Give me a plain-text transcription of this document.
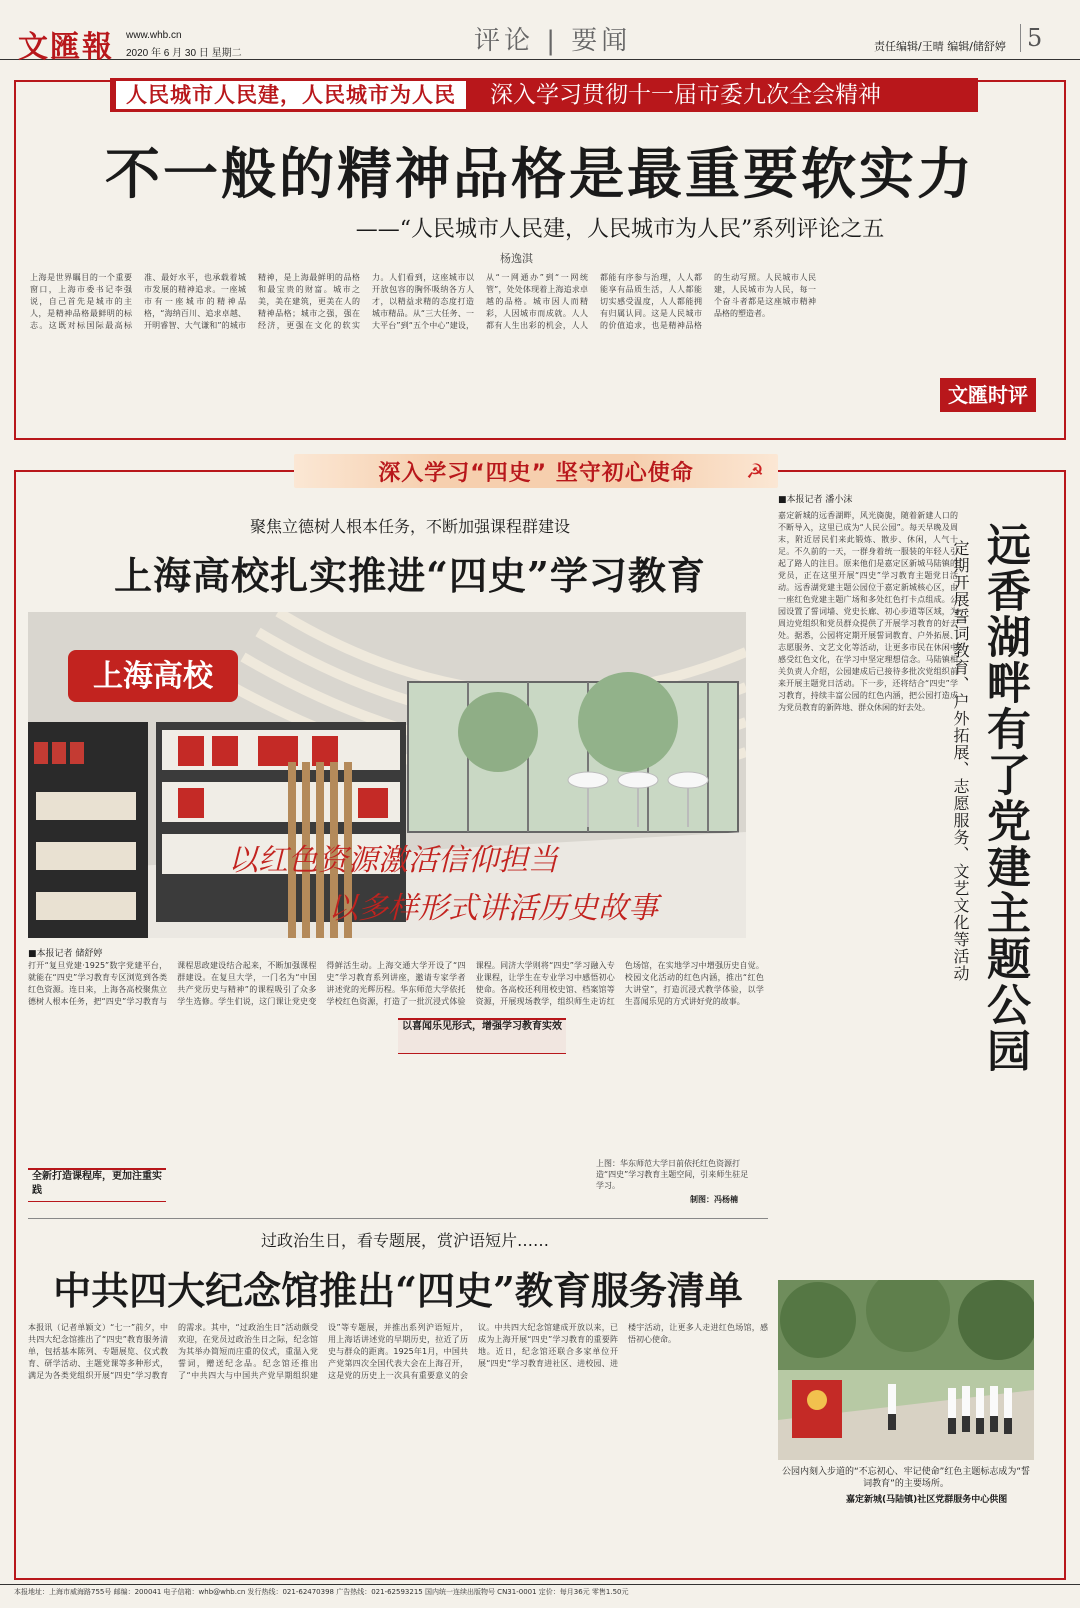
文匯報 www.whb.cn
2020 年 6 月 30 日 星期二	评论 | 要闻	责任编辑/王晴 编辑/储舒婷 5
人民城市人民建，人民城市为人民	深入学习贯彻十一届市委九次全会精神
不一般的精神品格是最重要软实力
——“人民城市人民建，人民城市为人民”系列评论之五
杨逸淇
上海是世界瞩目的一个重要窗口，上海市委书记李强说，自己首先是城市的主人，是精神品格最鲜明的标志。这既对标国际最高标准、最好水平，也承载着城市发展的精神追求。一座城市有一座城市的精神品格，“海纳百川、追求卓越、开明睿智、大气谦和”的城市精神，是上海最鲜明的品格和最宝贵的财富。城市之美，美在建筑，更美在人的精神品格；城市之强，强在经济，更强在文化的软实力。人们看到，这座城市以开放包容的胸怀吸纳各方人才，以精益求精的态度打造城市精品。从“三大任务、一大平台”到“五个中心”建设，从“一网通办”到“一网统管”，处处体现着上海追求卓越的品格。城市因人而精彩，人因城市而成就。人人都有人生出彩的机会，人人都能有序参与治理，人人都能享有品质生活，人人都能切实感受温度，人人都能拥有归属认同。这是人民城市的价值追求，也是精神品格的生动写照。人民城市人民建，人民城市为人民，每一个奋斗者都是这座城市精神品格的塑造者。
文匯时评
深入学习“四史” 坚守初心使命	☭
聚焦立德树人根本任务，不断加强课程群建设
上海高校扎实推进“四史”学习教育
上海高校
以红色资源激活信仰担当
以多样形式讲活历史故事
■本报记者 储舒婷
打开“复旦党建·1925”数字党建平台，就能在“四史”学习教育专区浏览到各类红色资源。连日来，上海各高校聚焦立德树人根本任务，把“四史”学习教育与课程思政建设结合起来，不断加强课程群建设。在复旦大学，一门名为“中国共产党历史与精神”的课程吸引了众多学生选修。学生们说，这门课让党史变得鲜活生动。上海交通大学开设了“四史”学习教育系列讲座，邀请专家学者讲述党的光辉历程。华东师范大学依托学校红色资源，打造了一批沉浸式体验课程。同济大学则将“四史”学习融入专业课程，让学生在专业学习中感悟初心使命。各高校还利用校史馆、档案馆等资源，开展现场教学，组织师生走访红色场馆，在实地学习中增强历史自觉。校园文化活动的红色内涵，推出“红色大讲堂”，打造沉浸式教学体验，以学生喜闻乐见的方式讲好党的故事。
以喜闻乐见形式，增强学习教育实效
全新打造课程库，更加注重实践
上图：华东师范大学日前依托红色资源打造“四史”学习教育主题空间，引来师生驻足学习。
制图：冯杨楠
■本报记者 潘小沫
嘉定新城的远香湖畔，风光旖旎，随着新建人口的不断导入，这里已成为“人民公园”。每天早晚及周末，附近居民们来此锻炼、散步、休闲，人气十足。不久前的一天，一群身着统一服装的年轻人引起了路人的注目。原来他们是嘉定区新城马陆镇的党员，正在这里开展“四史”学习教育主题党日活动。远香湖党建主题公园位于嘉定新城核心区，由一座红色党建主题广场和多处红色打卡点组成。公园设置了誓词墙、党史长廊、初心步道等区域，为周边党组织和党员群众提供了开展学习教育的好去处。据悉，公园将定期开展誓词教育、户外拓展、志愿服务、文艺文化等活动，让更多市民在休闲中感受红色文化，在学习中坚定理想信念。马陆镇相关负责人介绍，公园建成后已接待多批次党组织前来开展主题党日活动。下一步，还将结合“四史”学习教育，持续丰富公园的红色内涵，把公园打造成为党员教育的新阵地、群众休闲的好去处。	定期开展誓词教育、户外拓展、志愿服务、文艺文化等活动 远香湖畔有了党建主题公园
公园内刻入步道的“不忘初心、牢记使命”红色主题标志成为“誓词教育”的主要场所。
嘉定新城(马陆镇)社区党群服务中心供图
过政治生日，看专题展，赏沪语短片……
中共四大纪念馆推出“四史”教育服务清单
本报讯（记者单颖文）“七一”前夕，中共四大纪念馆推出了“四史”教育服务清单，包括基本陈列、专题展览、仪式教育、研学活动、主题党课等多种形式，满足为各类党组织开展“四史”学习教育的需求。其中，“过政治生日”活动颇受欢迎，在党员过政治生日之际，纪念馆为其举办简短而庄重的仪式，重温入党誓词，赠送纪念品。纪念馆还推出了“中共四大与中国共产党早期组织建设”等专题展，并推出系列沪语短片，用上海话讲述党的早期历史，拉近了历史与群众的距离。1925年1月，中国共产党第四次全国代表大会在上海召开，这是党的历史上一次具有重要意义的会议。中共四大纪念馆建成开放以来，已成为上海开展“四史”学习教育的重要阵地。近日，纪念馆还联合多家单位开展“四史”学习教育进社区、进校园、进楼宇活动，让更多人走进红色场馆，感悟初心使命。
本报地址：上海市威海路755号 邮编：200041 电子信箱：whb@whb.cn 发行热线：021-62470398 广告热线：021-62593215 国内统一连续出版物号 CN31-0001 定价：每月36元 零售1.50元
